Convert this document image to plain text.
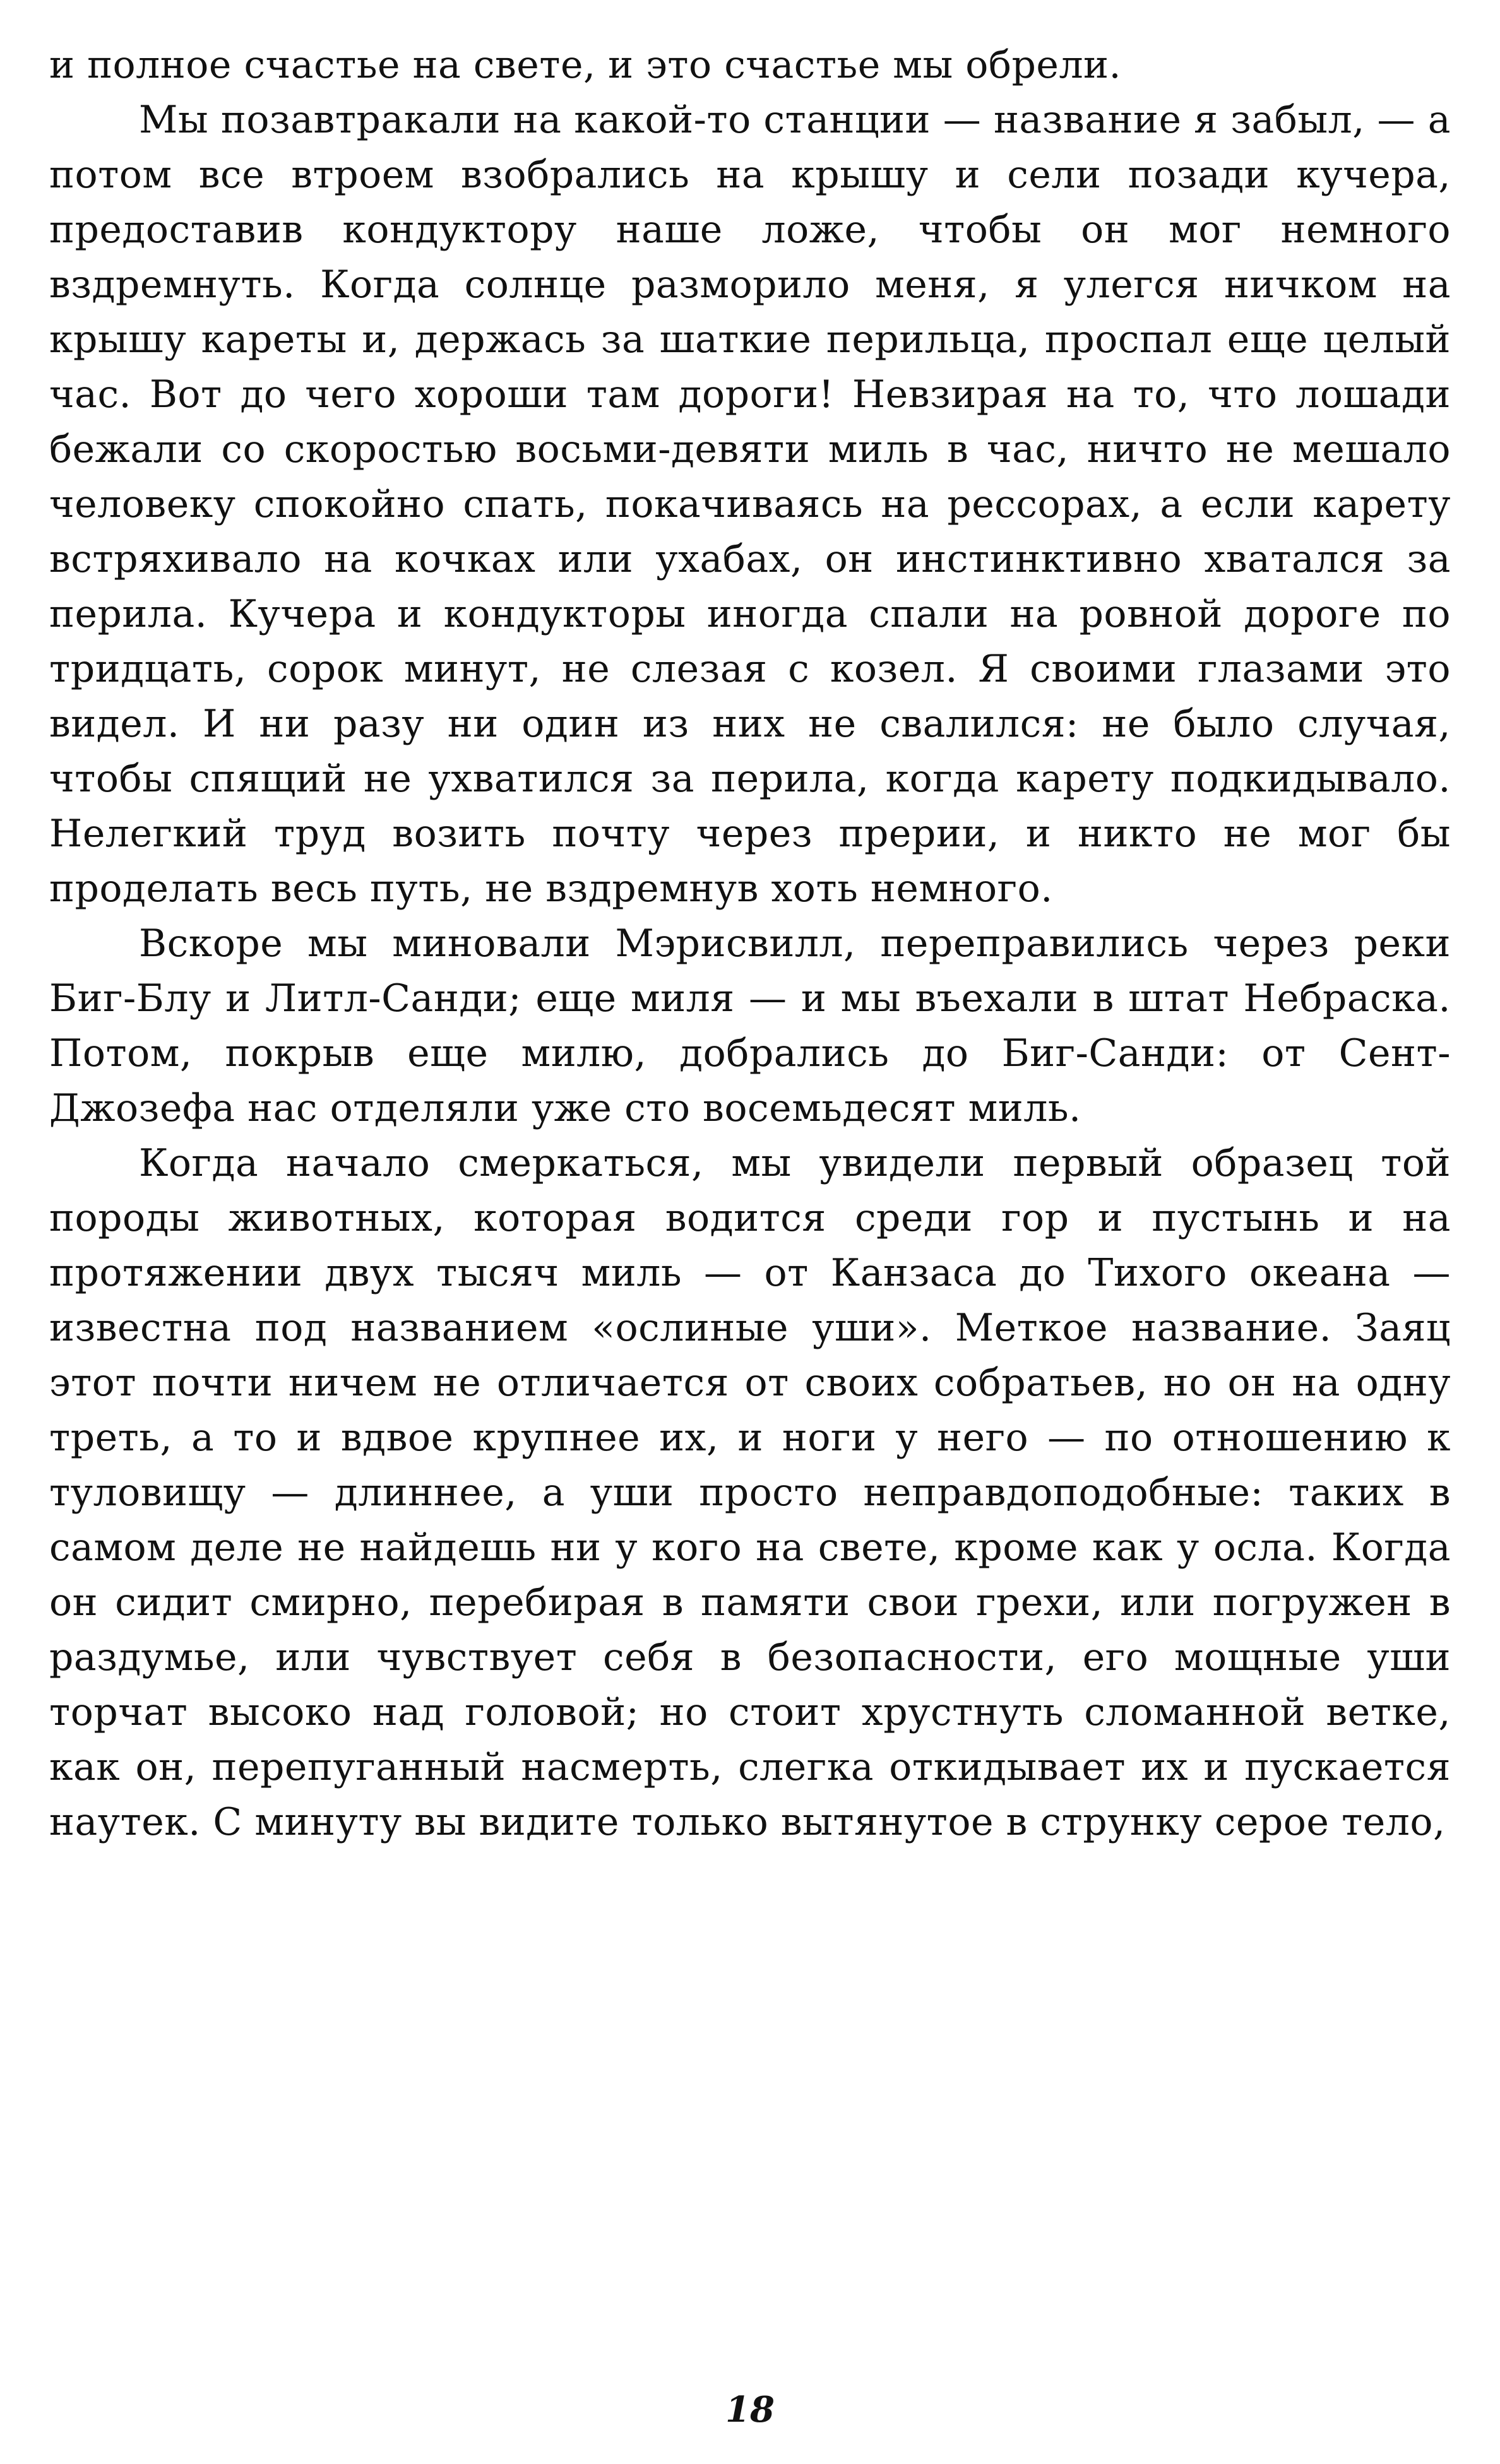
и полное счастье на свете, и это счастье мы обрели.

Мы позавтракали на какой-то станции — название я забыл, — а потом все втроем взобрались на крышу и сели позади кучера, предоставив кондуктору наше ложе, чтобы он мог немного вздремнуть. Когда солнце разморило меня, я улегся ничком на крышу кареты и, держась за шаткие перильца, проспал еще целый час. Вот до чего хороши там дороги! Невзирая на то, что лошади бежали со скоростью восьми-девяти миль в час, ничто не мешало человеку спокойно спать, покачиваясь на рессорах, а если карету встряхивало на кочках или ухабах, он инстинктивно хватался за перила. Кучера и кондукторы иногда спали на ровной дороге по тридцать, сорок минут, не слезая с козел. Я своими глазами это видел. И ни разу ни один из них не свалился: не было случая, чтобы спящий не ухватился за перила, когда карету подкидывало. Нелегкий труд возить почту через прерии, и никто не мог бы проделать весь путь, не вздремнув хоть немного.

Вскоре мы миновали Мэрисвилл, переправились через реки Биг-Блу и Литл-Санди; еще миля — и мы въехали в штат Небраска. Потом, покрыв еще милю, добрались до Биг-Санди: от Сент-Джозефа нас отделяли уже сто восемьдесят миль.

Когда начало смеркаться, мы увидели первый образец той породы животных, которая водится среди гор и пустынь и на протяжении двух тысяч миль — от Канзаса до Тихого океана — известна под названием «ослиные уши». Меткое название. Заяц этот почти ничем не отличается от своих собратьев, но он на одну треть, а то и вдвое крупнее их, и ноги у него — по отношению к туловищу — длиннее, а уши просто неправдоподобные: таких в самом деле не найдешь ни у кого на свете, кроме как у осла. Когда он сидит смирно, перебирая в памяти свои грехи, или погружен в раздумье, или чувствует себя в безопасности, его мощные уши торчат высоко над головой; но стоит хрустнуть сломанной ветке, как он, перепуганный насмерть, слегка откидывает их и пускается наутек. С минуту вы видите только вытянутое в струнку серое тело,

18
